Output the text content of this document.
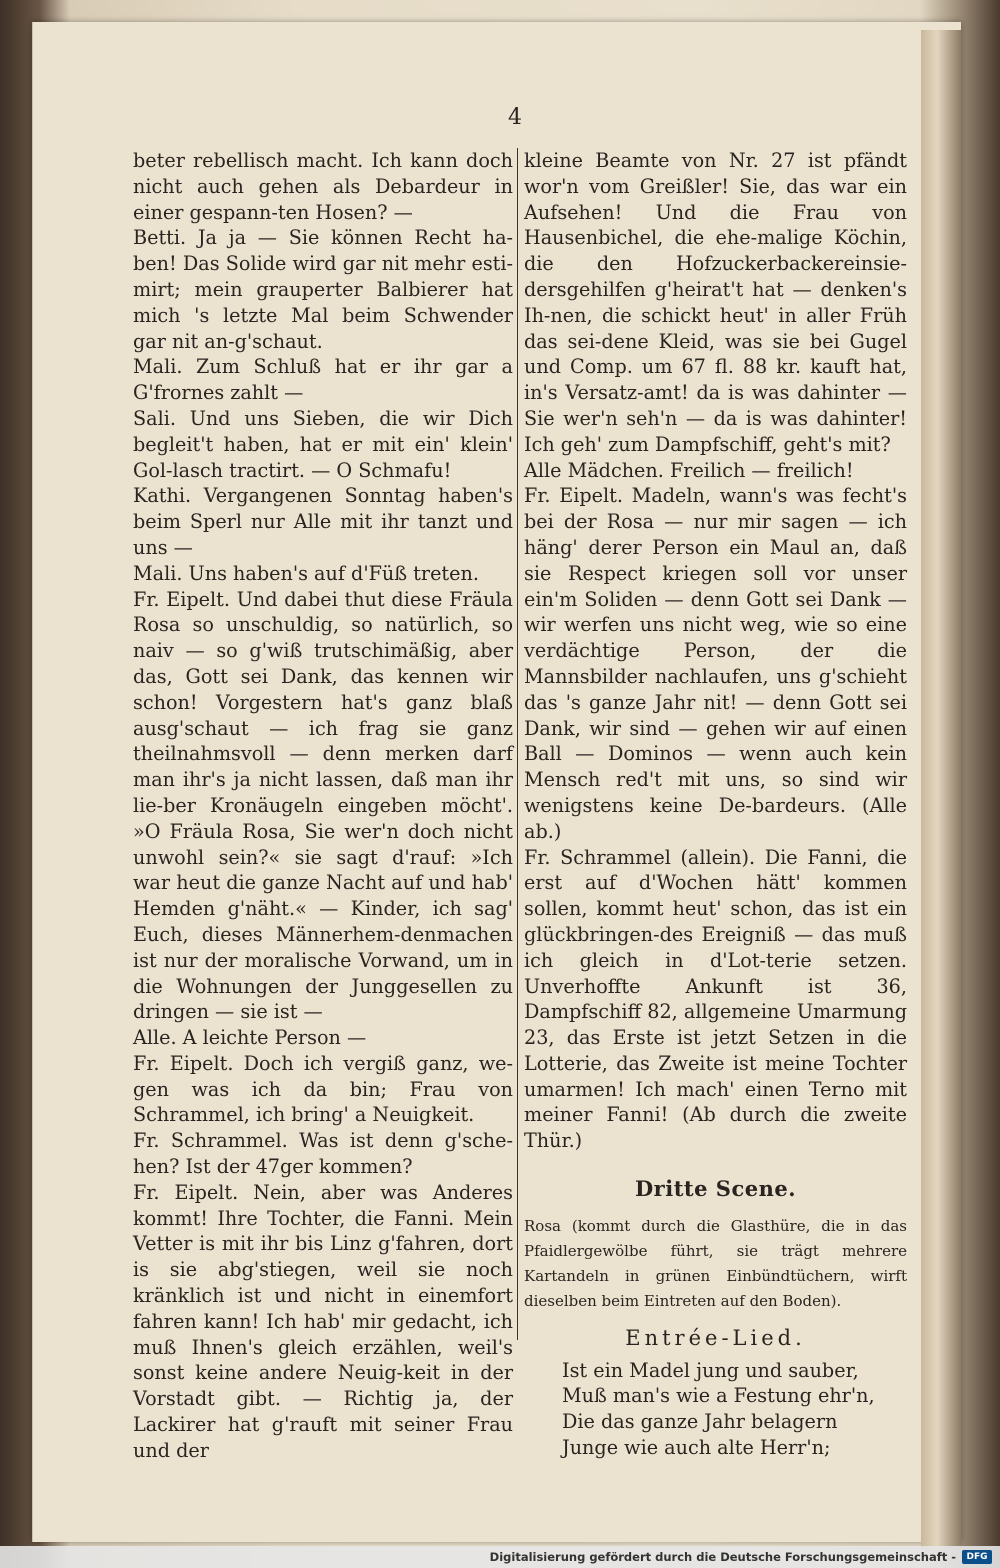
4

beter rebellisch macht. Ich kann doch nicht auch gehen als Debardeur in einer gespann-ten Hosen? —

Betti. Ja ja — Sie können Recht ha-ben! Das Solide wird gar nit mehr esti-mirt; mein grauperter Balbierer hat mich 's letzte Mal beim Schwender gar nit an-g'schaut.

Mali. Zum Schluß hat er ihr gar a G'frornes zahlt —

Sali. Und uns Sieben, die wir Dich begleit't haben, hat er mit ein' klein' Gol-lasch tractirt. — O Schmafu!

Kathi. Vergangenen Sonntag haben's beim Sperl nur Alle mit ihr tanzt und uns —

Mali. Uns haben's auf d'Füß treten.

Fr. Eipelt. Und dabei thut diese Fräula Rosa so unschuldig, so natürlich, so naiv — so g'wiß trutschimäßig, aber das, Gott sei Dank, das kennen wir schon! Vorgestern hat's ganz blaß ausg'schaut — ich frag sie ganz theilnahmsvoll — denn merken darf man ihr's ja nicht lassen, daß man ihr lie-ber Kronäugeln eingeben möcht'. »O Fräula Rosa, Sie wer'n doch nicht unwohl sein?« sie sagt d'rauf: »Ich war heut die ganze Nacht auf und hab' Hemden g'näht.« — Kinder, ich sag' Euch, dieses Männerhem-denmachen ist nur der moralische Vorwand, um in die Wohnungen der Junggesellen zu dringen — sie ist —

Alle. A leichte Person —

Fr. Eipelt. Doch ich vergiß ganz, we-gen was ich da bin; Frau von Schrammel, ich bring' a Neuigkeit.

Fr. Schrammel. Was ist denn g'sche-hen? Ist der 47ger kommen?

Fr. Eipelt. Nein, aber was Anderes kommt! Ihre Tochter, die Fanni. Mein Vetter is mit ihr bis Linz g'fahren, dort is sie abg'stiegen, weil sie noch kränklich ist und nicht in einemfort fahren kann! Ich hab' mir gedacht, ich muß Ihnen's gleich erzählen, weil's sonst keine andere Neuig-keit in der Vorstadt gibt. — Richtig ja, der Lackirer hat g'rauft mit seiner Frau und der

kleine Beamte von Nr. 27 ist pfändt wor'n vom Greißler! Sie, das war ein Aufsehen! Und die Frau von Hausenbichel, die ehe-malige Köchin, die den Hofzuckerbackereinsie-dersgehilfen g'heirat't hat — denken's Ih-nen, die schickt heut' in aller Früh das sei-dene Kleid, was sie bei Gugel und Comp. um 67 fl. 88 kr. kauft hat, in's Versatz-amt! da is was dahinter — Sie wer'n seh'n — da is was dahinter! Ich geh' zum Dampfschiff, geht's mit?

Alle Mädchen. Freilich — freilich!

Fr. Eipelt. Madeln, wann's was fecht's bei der Rosa — nur mir sagen — ich häng' derer Person ein Maul an, daß sie Respect kriegen soll vor unser ein'm Soliden — denn Gott sei Dank — wir werfen uns nicht weg, wie so eine verdächtige Person, der die Mannsbilder nachlaufen, uns g'schieht das 's ganze Jahr nit! — denn Gott sei Dank, wir sind — gehen wir auf einen Ball — Dominos — wenn auch kein Mensch red't mit uns, so sind wir wenigstens keine De-bardeurs. (Alle ab.)

Fr. Schrammel (allein). Die Fanni, die erst auf d'Wochen hätt' kommen sollen, kommt heut' schon, das ist ein glückbringen-des Ereigniß — das muß ich gleich in d'Lot-terie setzen. Unverhoffte Ankunft ist 36, Dampfschiff 82, allgemeine Umarmung 23, das Erste ist jetzt Setzen in die Lotterie, das Zweite ist meine Tochter umarmen! Ich mach' einen Terno mit meiner Fanni! (Ab durch die zweite Thür.)

Dritte Scene.

Rosa (kommt durch die Glasthüre, die in das Pfaidlergewölbe führt, sie trägt mehrere Kartandeln in grünen Einbündtüchern, wirft dieselben beim Eintreten auf den Boden).

Entrée-Lied.
Ist ein Madel jung und sauber,
Muß man's wie a Festung ehr'n,
Die das ganze Jahr belagern
Junge wie auch alte Herr'n;
Digitalisierung gefördert durch die Deutsche Forschungsgemeinschaft -	DFG
